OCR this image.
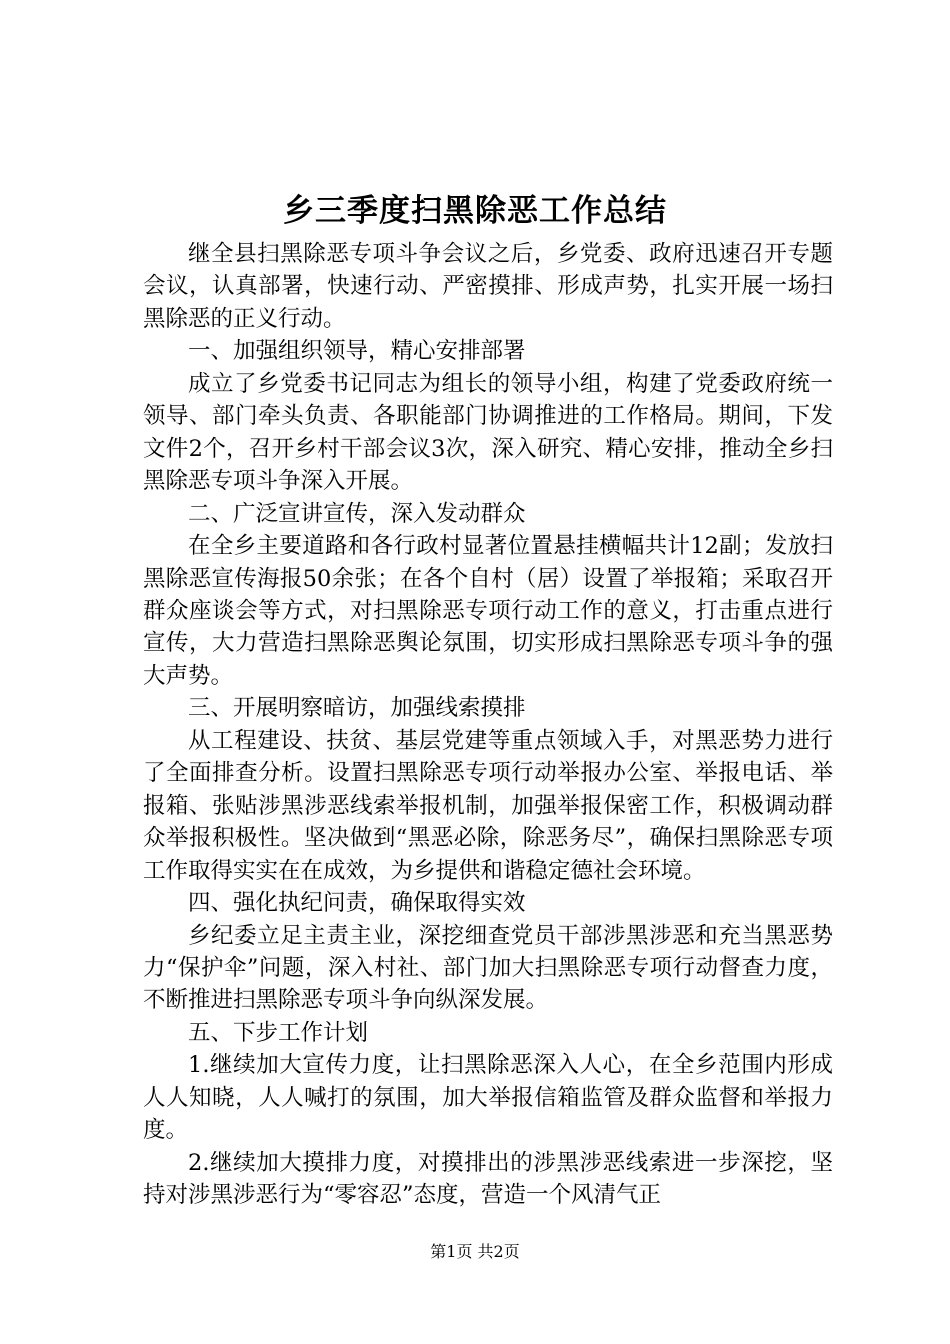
乡三季度扫黑除恶工作总结

继全县扫黑除恶专项斗争会议之后，乡党委、政府迅速召开专题会议，认真部署，快速行动、严密摸排、形成声势，扎实开展一场扫黑除恶的正义行动。

一、加强组织领导，精心安排部署

成立了乡党委书记同志为组长的领导小组，构建了党委政府统一领导、部门牵头负责、各职能部门协调推进的工作格局。期间，下发文件2个，召开乡村干部会议3次，深入研究、精心安排，推动全乡扫黑除恶专项斗争深入开展。

二、广泛宣讲宣传，深入发动群众

在全乡主要道路和各行政村显著位置悬挂横幅共计12副；发放扫黑除恶宣传海报50余张；在各个自村（居）设置了举报箱；采取召开群众座谈会等方式，对扫黑除恶专项行动工作的意义，打击重点进行宣传，大力营造扫黑除恶舆论氛围，切实形成扫黑除恶专项斗争的强大声势。

三、开展明察暗访，加强线索摸排

从工程建设、扶贫、基层党建等重点领域入手，对黑恶势力进行了全面排查分析。设置扫黑除恶专项行动举报办公室、举报电话、举报箱、张贴涉黑涉恶线索举报机制，加强举报保密工作，积极调动群众举报积极性。坚决做到“黑恶必除，除恶务尽”，确保扫黑除恶专项工作取得实实在在成效，为乡提供和谐稳定德社会环境。

四、强化执纪问责，确保取得实效

乡纪委立足主责主业，深挖细查党员干部涉黑涉恶和充当黑恶势力“保护伞”问题，深入村社、部门加大扫黑除恶专项行动督查力度，不断推进扫黑除恶专项斗争向纵深发展。

五、下步工作计划

1.继续加大宣传力度，让扫黑除恶深入人心，在全乡范围内形成人人知晓，人人喊打的氛围，加大举报信箱监管及群众监督和举报力度。

2.继续加大摸排力度，对摸排出的涉黑涉恶线索进一步深挖，坚持对涉黑涉恶行为“零容忍”态度，营造一个风清气正

第1页 共2页
